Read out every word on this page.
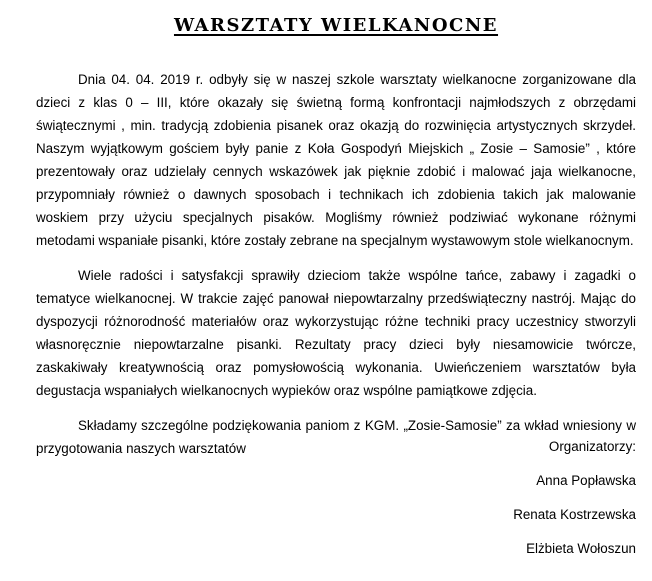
WARSZTATY WIELKANOCNE

Dnia 04. 04. 2019 r. odbyły się w naszej szkole warsztaty wielkanocne zorganizowane dla dzieci z klas 0 – III, które okazały się świetną formą konfrontacji najmłodszych z obrzędami świątecznymi , min. tradycją zdobienia pisanek oraz okazją do rozwinięcia artystycznych skrzydeł. Naszym wyjątkowym gościem były panie z Koła Gospodyń Miejskich „ Zosie – Samosie” , które prezentowały oraz udzielały cennych wskazówek jak pięknie zdobić i malować jaja wielkanocne, przypomniały również o dawnych sposobach i technikach ich zdobienia takich jak malowanie woskiem przy użyciu specjalnych pisaków. Mogliśmy również podziwiać wykonane różnymi metodami wspaniałe pisanki, które zostały zebrane na specjalnym wystawowym stole wielkanocnym.

Wiele radości i satysfakcji sprawiły dzieciom także wspólne tańce, zabawy i zagadki o tematyce wielkanocnej. W trakcie zajęć panował niepowtarzalny przedświąteczny nastrój. Mając do dyspozycji różnorodność materiałów oraz wykorzystując różne techniki pracy uczestnicy stworzyli własnoręcznie niepowtarzalne pisanki. Rezultaty pracy dzieci były niesamowicie twórcze, zaskakiwały kreatywnością oraz pomysłowością wykonania. Uwieńczeniem warsztatów była degustacja wspaniałych wielkanocnych wypieków oraz wspólne pamiątkowe zdjęcia.

Składamy szczególne podziękowania paniom z KGM. „Zosie-Samosie” za wkład wniesiony w przygotowania naszych warsztatów	Organizatorzy:
Anna Popławska
Renata Kostrzewska
Elżbieta Wołoszun
